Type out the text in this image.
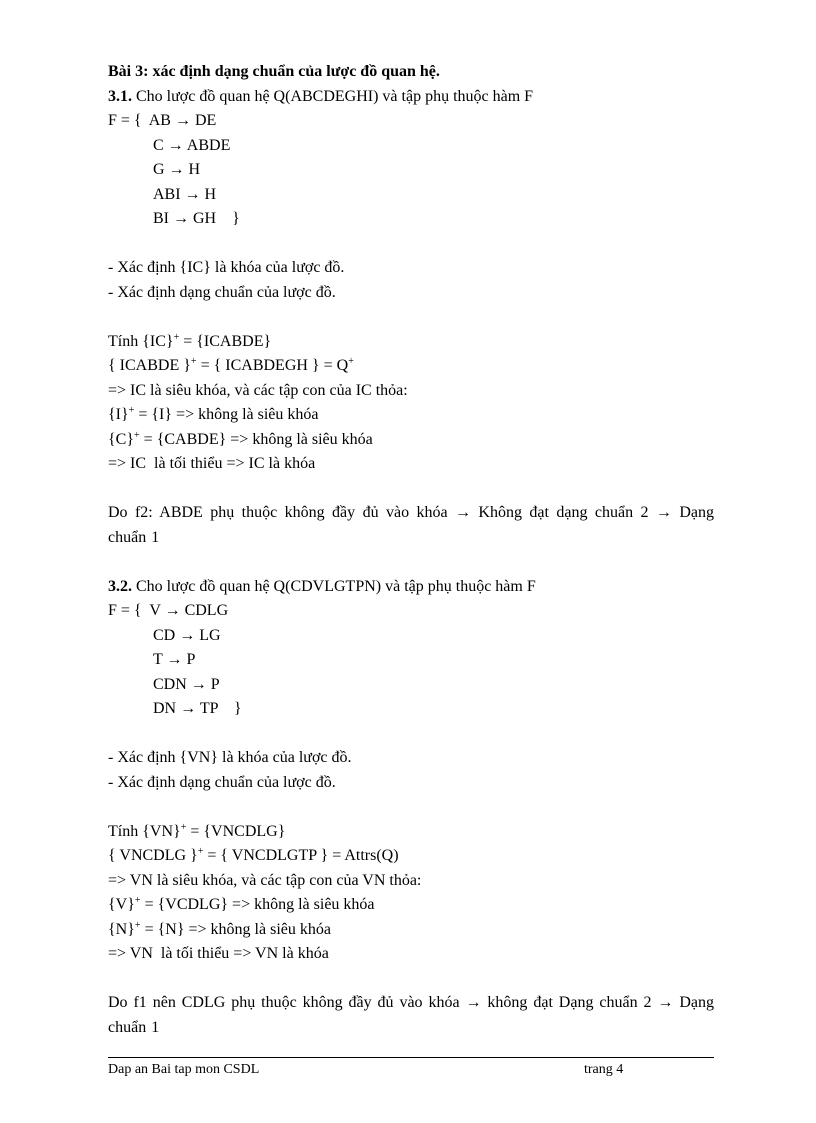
Bài 3: xác định dạng chuẩn của lược đồ quan hệ.
3.1. Cho lược đồ quan hệ Q(ABCDEGHI) và tập phụ thuộc hàm F
F = {  AB → DE
C → ABDE
G → H
ABI → H
BI → GH    }
- Xác định {IC} là khóa của lược đồ.
- Xác định dạng chuẩn của lược đồ.
Tính {IC}+ = {ICABDE}
{ ICABDE }+ = { ICABDEGH } = Q+
=> IC là siêu khóa, và các tập con của IC thỏa:
{I}+ = {I} => không là siêu khóa
{C}+ = {CABDE} => không là siêu khóa
=> IC  là tối thiểu => IC là khóa
Do f2: ABDE phụ thuộc không đầy đủ vào khóa → Không đạt dạng chuẩn 2 → Dạng chuẩn 1
3.2. Cho lược đồ quan hệ Q(CDVLGTPN) và tập phụ thuộc hàm F
F = {  V → CDLG
CD → LG
T → P
CDN → P
DN → TP    }
- Xác định {VN} là khóa của lược đồ.
- Xác định dạng chuẩn của lược đồ.
Tính {VN}+ = {VNCDLG}
{ VNCDLG }+ = { VNCDLGTP } = Attrs(Q)
=> VN là siêu khóa, và các tập con của VN thỏa:
{V}+ = {VCDLG} => không là siêu khóa
{N}+ = {N} => không là siêu khóa
=> VN  là tối thiểu => VN là khóa
Do f1 nên CDLG phụ thuộc không đầy đủ vào khóa → không đạt Dạng chuẩn 2 → Dạng chuẩn 1
Dap an Bai tap mon CSDL	trang 4
